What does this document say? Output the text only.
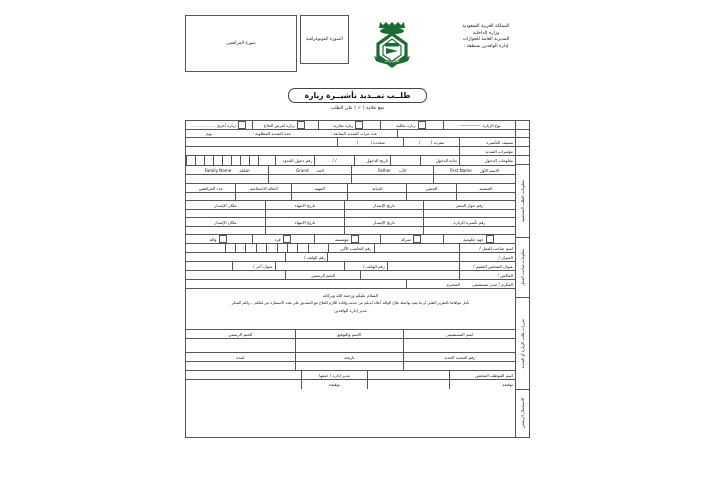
صورة المرافقين
الصورة الفوتوغرافية
الجوازات
المملكة العربية السعودية
وزارة الداخلية
المديرية العامة للجوازات
إدارة الوافدين بمنطقة :
طلــب تمــديد تأشيــرة زيارة
ضع علامة ( ✓ ) على الطلب
معلومات الطلب الشخصية
معلومات صاحب العمل
مبررات طلب الزيارة أو التمديد
للاستعمال الرسمي
نوع الزيارة
—————
زيارة عائلية
زيارة تجارية
زيارة لغرض العلاج
زيارة أخرى
................
عدد مرات التمديد السابقة :
مدة التمديد المطلوبة :
يوم
تصنيف التأشيرة
مفرده (
)
متعددة (
)
مؤشرات التمديد
معلومات الدخول
بداية الدخول
تاريخ الدخول
/ /
رقم دخول الحدود
الاسم الأول
First Name
الأب
Father
الجد
Grand
العائلة
Family Name
الجنسية
الجنس
الديانة
المهنة
الحالة الاجتماعية
عدد المرافقين
رقم جواز السفر
تاريخ الإصدار
تاريخ الانتهاء
مكان الإصدار
رقم تأشيرة الزيارة
تاريخ الإصدار
تاريخ الانتهاء
مكان الإصدار
جهة حكومية
شركة
مؤسسة
فرد
وافد
اسم صاحب العمل /
رقم الحاسب الآلي
العنوان /
رقم الهاتف /
عنوان الشخص المقيم /
رقم الهاتف /
عنوان آخر /
الفاكس /
الختم الرسمي
المكرم / مدير مستشفى
المحترم
السلام عليكم ورحمة الله وبركاته
نأمل موافاتنا بالتقرير الطبي أو ما يفيد بواصلة علاج الوافد أعلاه لديكم من عدمه وإفادة اللازم للعلاج مع التصديق على هذه الاستمارة من قبلكم .. ولكم الشكر
مدير إدارة الوافدين
اسم المستشفى
الاسم والتوقيع
الختم الرسمي
رقم التمديد الجديد
تاريخه
لمدة
اسم الموظف المختص
مدير إدارة / ختمها
توقيعه
توقيعه
